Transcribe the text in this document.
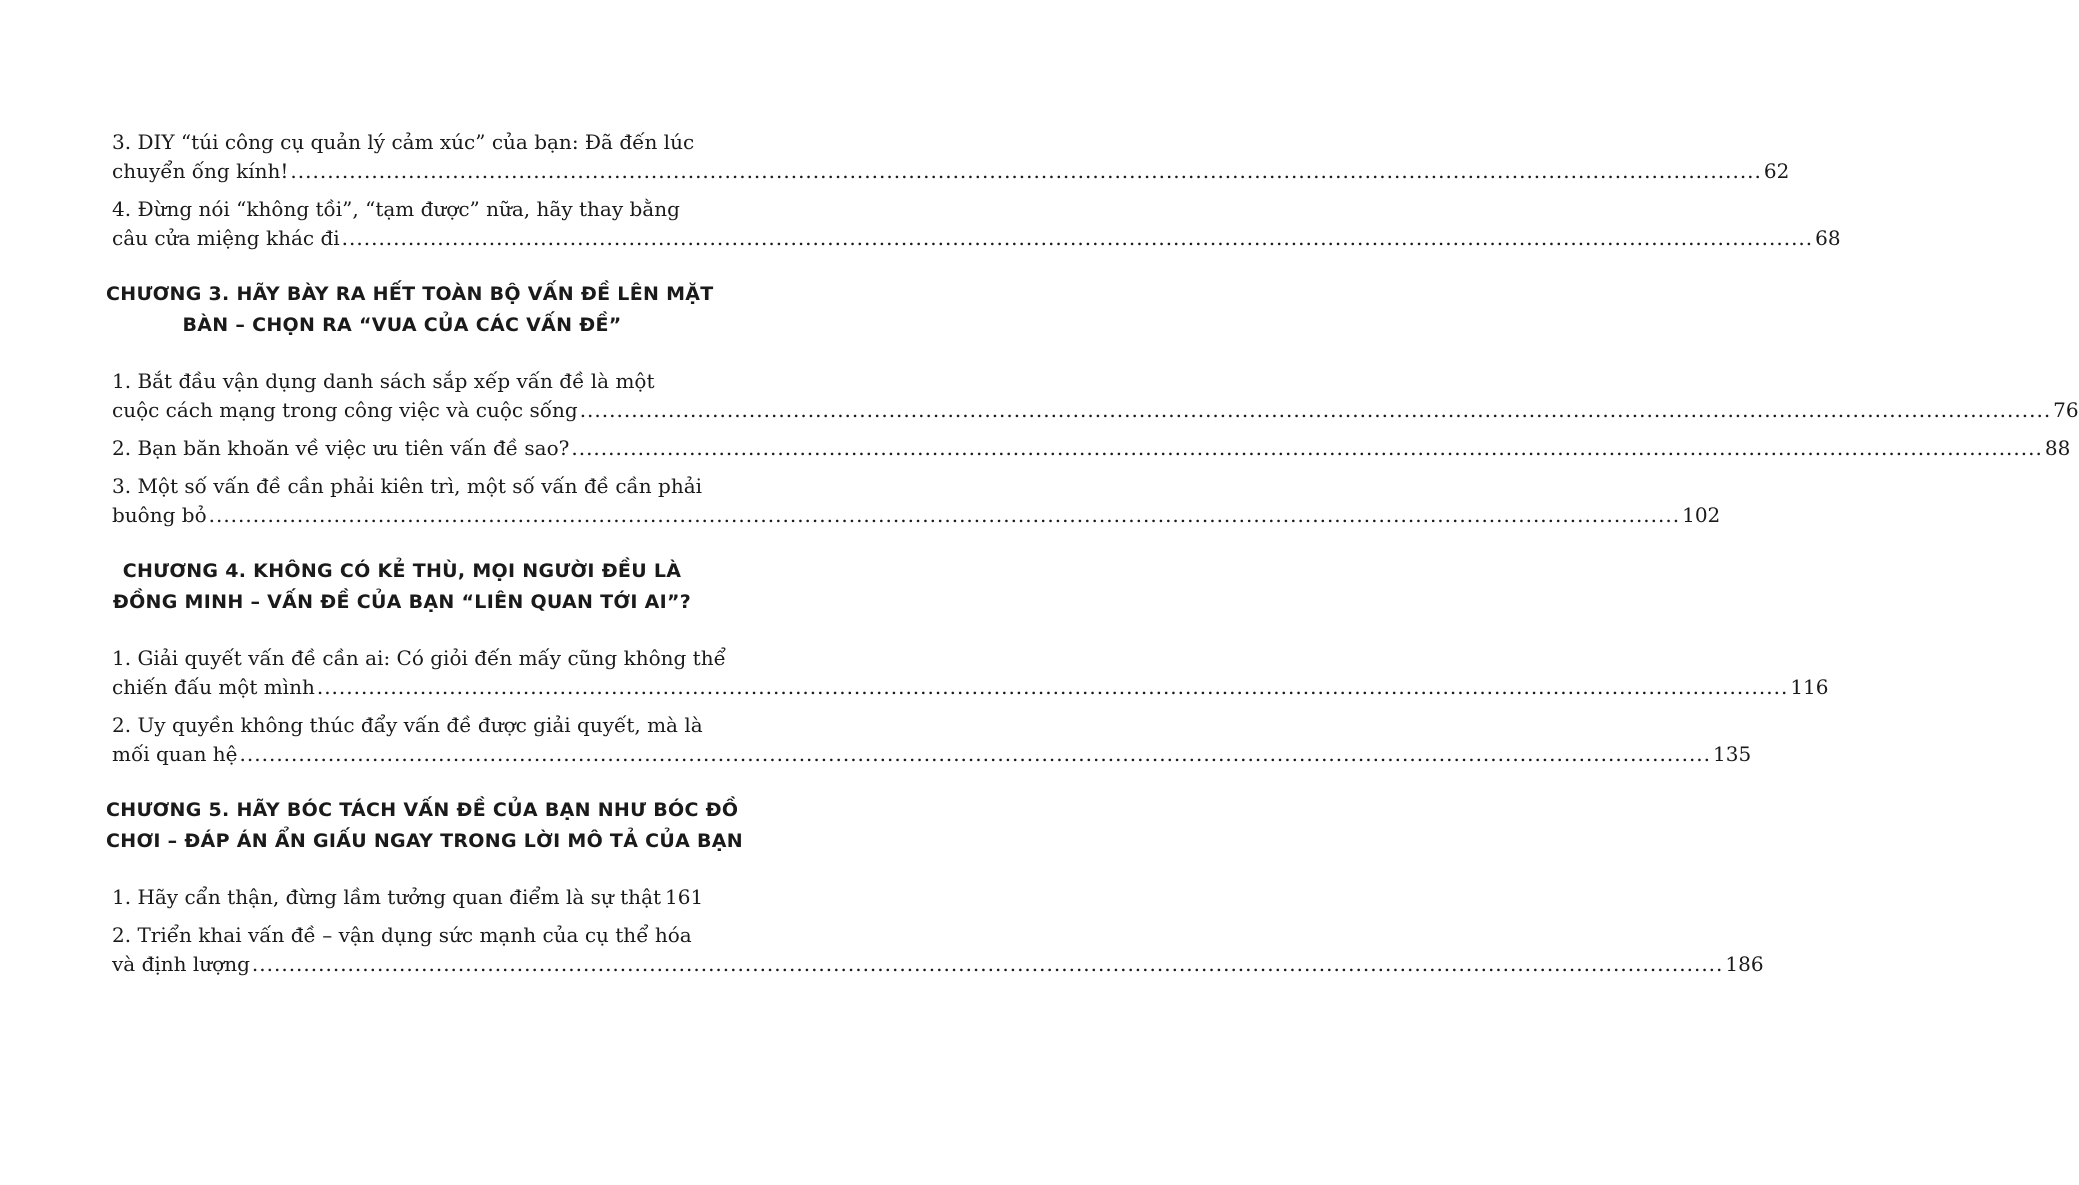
3. DIY “túi công cụ quản lý cảm xúc” của bạn: Đã đến lúc
chuyển ống kính! ........................................................................................................................................................................................................ 62
4. Đừng nói “không tồi”, “tạm được” nữa, hãy thay bằng
câu cửa miệng khác đi ........................................................................................................................................................................................................ 68
CHƯƠNG 3. HÃY BÀY RA HẾT TOÀN BỘ VẤN ĐỀ LÊN MẶT
BÀN – CHỌN RA “VUA CỦA CÁC VẤN ĐỀ”
1. Bắt đầu vận dụng danh sách sắp xếp vấn đề là một
cuộc cách mạng trong công việc và cuộc sống ........................................................................................................................................................................................................ 76
2. Bạn băn khoăn về việc ưu tiên vấn đề sao? ........................................................................................................................................................................................................ 88
3. Một số vấn đề cần phải kiên trì, một số vấn đề cần phải
buông bỏ ........................................................................................................................................................................................................ 102
CHƯƠNG 4. KHÔNG CÓ KẺ THÙ, MỌI NGƯỜI ĐỀU LÀ
ĐỒNG MINH – VẤN ĐỀ CỦA BẠN “LIÊN QUAN TỚI AI”?
1. Giải quyết vấn đề cần ai: Có giỏi đến mấy cũng không thể
chiến đấu một mình ........................................................................................................................................................................................................ 116
2. Uy quyền không thúc đẩy vấn đề được giải quyết, mà là
mối quan hệ ........................................................................................................................................................................................................ 135
CHƯƠNG 5. HÃY BÓC TÁCH VẤN ĐỀ CỦA BẠN NHƯ BÓC ĐỒ
CHƠI – ĐÁP ÁN ẨN GIẤU NGAY TRONG LỜI MÔ TẢ CỦA BẠN
1. Hãy cẩn thận, đừng lầm tưởng quan điểm là sự thật 161
2. Triển khai vấn đề – vận dụng sức mạnh của cụ thể hóa
và định lượng ........................................................................................................................................................................................................ 186
